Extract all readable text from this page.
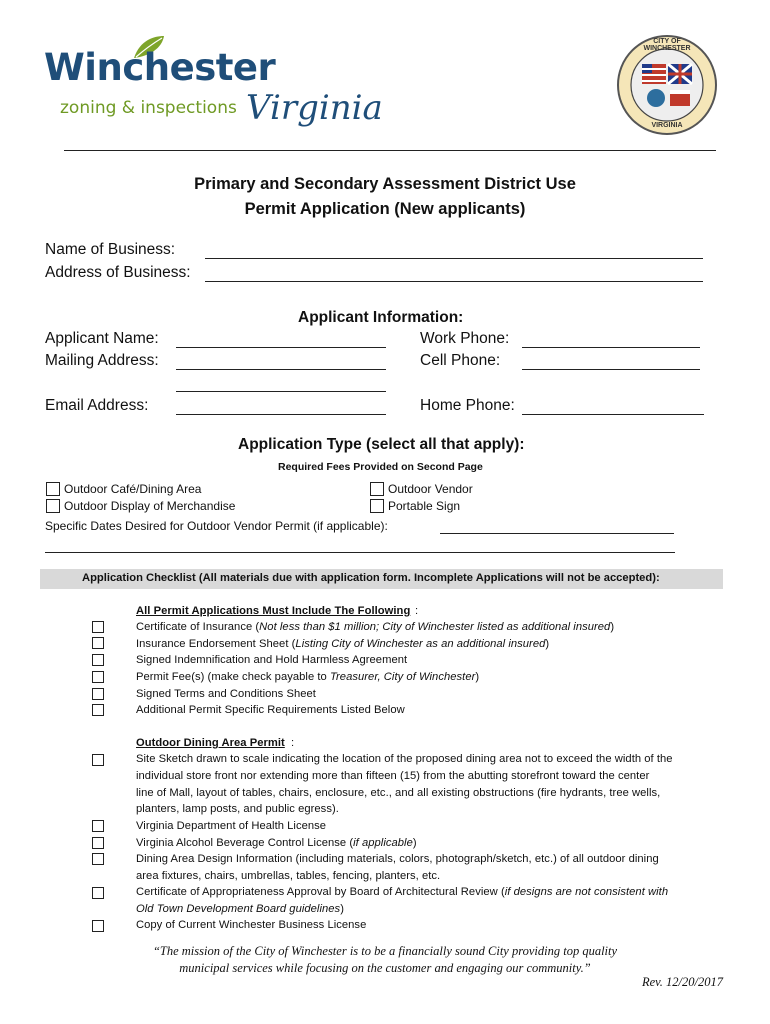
Winchester
zoning & inspections Virginia
CITY OF WINCHESTER
VIRGINIA
Primary and Secondary Assessment District Use
Permit Application (New applicants)
Name of Business:
Address of Business:
Applicant Information:
Applicant Name:
Mailing Address:
Email Address:
Work Phone:
Cell Phone:
Home Phone:
Application Type (select all that apply):
Required Fees Provided on Second Page
Outdoor Café/Dining Area
Outdoor Display of Merchandise
Outdoor Vendor
Portable Sign
Specific Dates Desired for Outdoor Vendor Permit (if applicable):
Application Checklist (All materials due with application form. Incomplete Applications will not be accepted):
All Permit Applications Must Include The Following :
Certificate of Insurance (Not less than $1 million; City of Winchester listed as additional insured)
Insurance Endorsement Sheet (Listing City of Winchester as an additional insured)
Signed Indemnification and Hold Harmless Agreement
Permit Fee(s) (make check payable to Treasurer, City of Winchester)
Signed Terms and Conditions Sheet
Additional Permit Specific Requirements Listed Below
Outdoor Dining Area Permit :
Site Sketch drawn to scale indicating the location of the proposed dining area not to exceed the width of the
individual store front nor extending more than fifteen (15) from the abutting storefront toward the center
line of Mall, layout of tables, chairs, enclosure, etc., and all existing obstructions (fire hydrants, tree wells,
planters, lamp posts, and public egress).
Virginia Department of Health License
Virginia Alcohol Beverage Control License (if applicable)
Dining Area Design Information (including materials, colors, photograph/sketch, etc.) of all outdoor dining
area fixtures, chairs, umbrellas, tables, fencing, planters, etc.
Certificate of Appropriateness Approval by Board of Architectural Review (if designs are not consistent with
Old Town Development Board guidelines)
Copy of Current Winchester Business License
“The mission of the City of Winchester is to be a financially sound City providing top quality
municipal services while focusing on the customer and engaging our community.”
Rev. 12/20/2017
